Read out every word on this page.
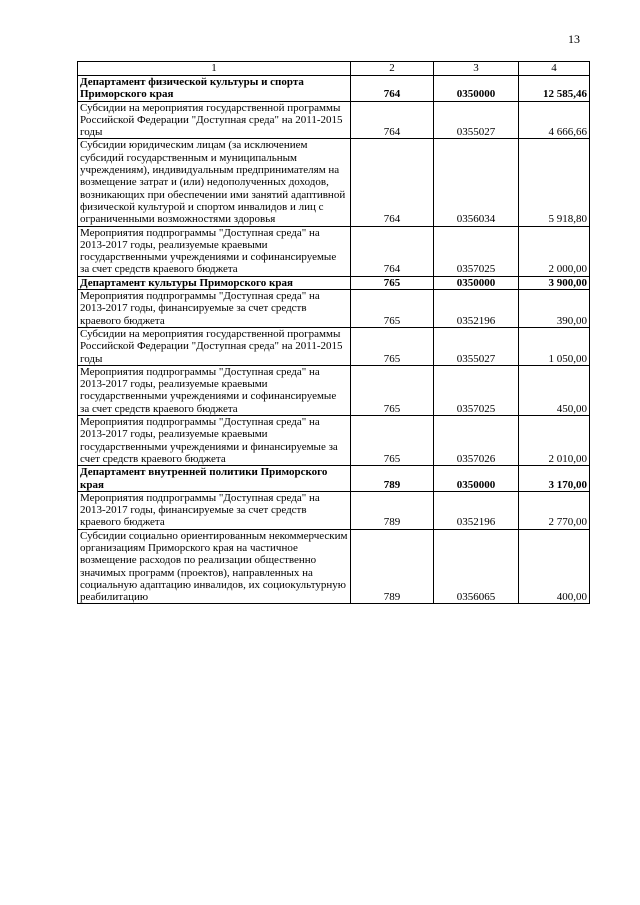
13
1	2	3	4
Департамент физической культуры и спорта Приморского края	764	0350000	12 585,46
Субсидии на мероприятия государственной программы Российской Федерации "Доступная среда" на 2011-2015 годы	764	0355027	4 666,66
Субсидии юридическим лицам (за исключением субсидий государственным и муниципальным учреждениям), индивидуальным предпринимателям на возмещение затрат и (или) недополученных доходов, возникающих при обеспечении ими занятий адаптивной физической культурой и спортом инвалидов и лиц с ограниченными возможностями здоровья	764	0356034	5 918,80
Мероприятия подпрограммы "Доступная среда" на 2013-2017 годы, реализуемые краевыми государственными учреждениями и софинансируемые за счет средств краевого бюджета	764	0357025	2 000,00
Департамент культуры Приморского края	765	0350000	3 900,00
Мероприятия подпрограммы "Доступная среда" на 2013-2017 годы, финансируемые за счет средств краевого бюджета	765	0352196	390,00
Субсидии на мероприятия государственной программы Российской Федерации "Доступная среда" на 2011-2015 годы	765	0355027	1 050,00
Мероприятия подпрограммы "Доступная среда" на 2013-2017 годы, реализуемые краевыми государственными учреждениями и софинансируемые за счет средств краевого бюджета	765	0357025	450,00
Мероприятия подпрограммы "Доступная среда" на 2013-2017 годы, реализуемые краевыми государственными учреждениями и финансируемые за счет средств краевого бюджета	765	0357026	2 010,00
Департамент внутренней политики Приморского края	789	0350000	3 170,00
Мероприятия подпрограммы "Доступная среда" на 2013-2017 годы, финансируемые за счет средств краевого бюджета	789	0352196	2 770,00
Субсидии социально ориентированным некоммерческим организациям Приморского края на частичное возмещение расходов по реализации общественно значимых программ (проектов), направленных на социальную адаптацию инвалидов, их социокультурную реабилитацию	789	0356065	400,00
